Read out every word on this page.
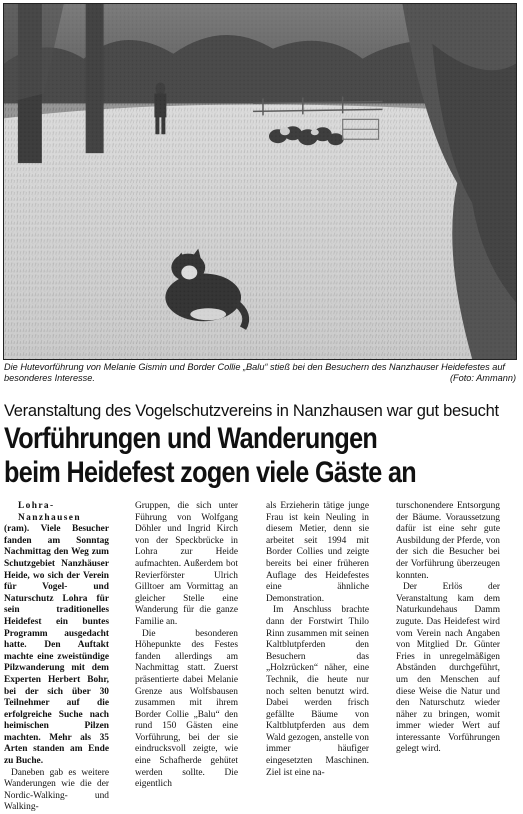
Die Hutevorführung von Melanie Gismin und Border Collie „Balu“ stieß bei den Besuchern des Nanzhauser Heidefestes auf besonderes Interesse.	(Foto: Ammann)
Veranstaltung des Vogelschutzvereins in Nanzhausen war gut besucht
Vorführungen und Wanderungen
beim Heidefest zogen viele Gäste an

Lohra-Nanzhausen
(ram). Viele Besucher fanden am Sonntag Nachmittag den Weg zum Schutzgebiet Nanzhäuser Heide, wo sich der Verein für Vogel- und Naturschutz Lohra für sein traditionelles Heidefest ein buntes Programm ausgedacht hatte. Den Auftakt machte eine zweistündige Pilzwanderung mit dem Experten Herbert Bohr, bei der sich über 30 Teilnehmer auf die erfolgreiche Suche nach heimischen Pilzen machten. Mehr als 35 Arten standen am Ende zu Buche.

Daneben gab es weitere Wanderungen wie die der Nordic-Walking- und Walking-

Gruppen, die sich unter Führung von Wolfgang Döhler und Ingrid Kirch von der Speckbrücke in Lohra zur Heide aufmachten. Außerdem bot Revierförster Ulrich Gilltoer am Vormittag an gleicher Stelle eine Wanderung für die ganze Familie an.

Die besonderen Höhepunkte des Festes fanden allerdings am Nachmittag statt. Zuerst präsentierte dabei Melanie Grenze aus Wolfsbausen zusammen mit ihrem Border Collie „Balu“ den rund 150 Gästen eine Vorführung, bei der sie eindrucksvoll zeigte, wie eine Schafherde gehütet werden sollte. Die eigentlich

als Erzieherin tätige junge Frau ist kein Neuling in diesem Metier, denn sie arbeitet seit 1994 mit Border Collies und zeigte bereits bei einer früheren Auflage des Heidefestes eine ähnliche Demonstration.

Im Anschluss brachte dann der Forstwirt Thilo Rinn zusammen mit seinen Kaltblutpferden den Besuchern das „Holzrücken“ näher, eine Technik, die heute nur noch selten benutzt wird. Dabei werden frisch gefällte Bäume von Kaltblutpferden aus dem Wald gezogen, anstelle von immer häufiger eingesetzten Maschinen. Ziel ist eine na-

turschonendere Entsorgung der Bäume. Voraussetzung dafür ist eine sehr gute Ausbildung der Pferde, von der sich die Besucher bei der Vorführung überzeugen konnten.

Der Erlös der Veranstaltung kam dem Naturkundehaus Damm zugute. Das Heidefest wird vom Verein nach Angaben von Mitglied Dr. Günter Fries in unregelmäßigen Abständen durchgeführt, um den Menschen auf diese Weise die Natur und den Naturschutz wieder näher zu bringen, womit immer wieder Wert auf interessante Vorführungen gelegt wird.
